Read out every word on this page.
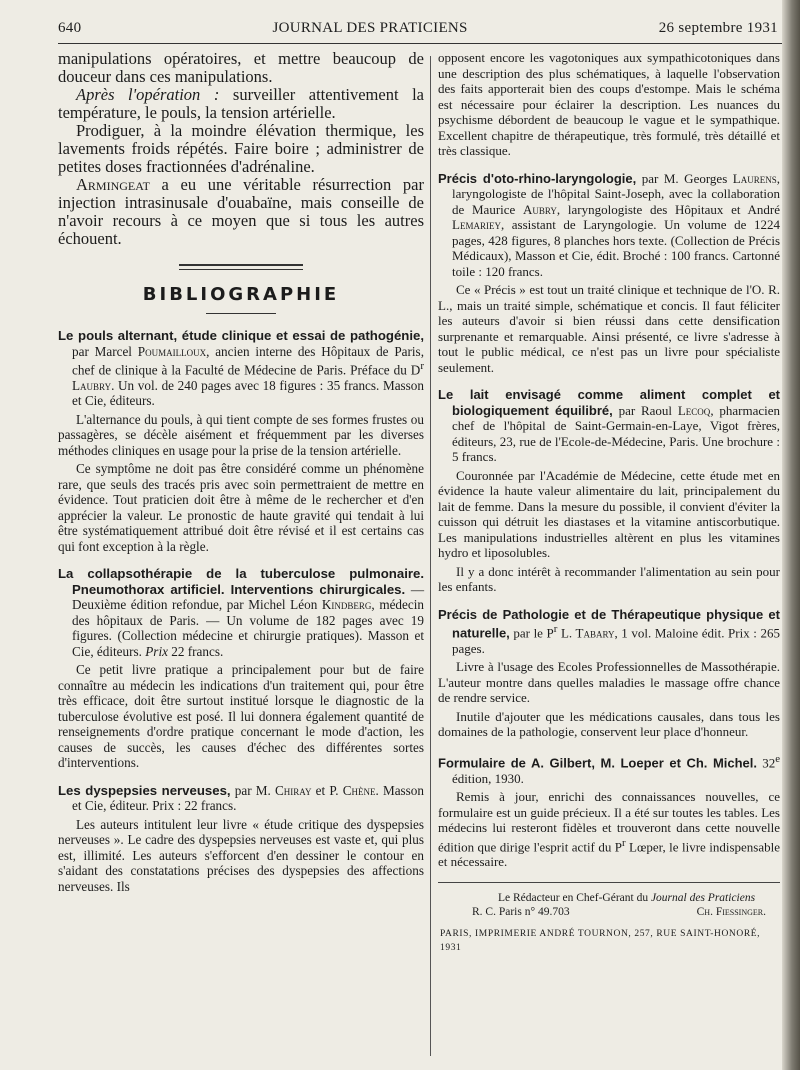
640	JOURNAL DES PRATICIENS	26 septembre 1931

manipulations opératoires, et mettre beaucoup de douceur dans ces manipulations.

Après l'opération : surveiller attentivement la température, le pouls, la tension artérielle.

Prodiguer, à la moindre élévation thermique, les lavements froids répétés. Faire boire ; administrer de petites doses fractionnées d'adrénaline.

Armingeat a eu une véritable résurrection par injection intrasinusale d'ouabaïne, mais conseille de n'avoir recours à ce moyen que si tous les autres échouent.

BIBLIOGRAPHIE

Le pouls alternant, étude clinique et essai de pathogénie, par Marcel Poumailloux, ancien interne des Hôpitaux de Paris, chef de clinique à la Faculté de Médecine de Paris. Préface du $D^r$ Laubry. Un vol. de 240 pages avec 18 figures : 35 francs. Masson et Cie, éditeurs.

L'alternance du pouls, à qui tient compte de ses formes frustes ou passagères, se décèle aisément et fréquemment par les diverses méthodes cliniques en usage pour la prise de la tension artérielle.

Ce symptôme ne doit pas être considéré comme un phénomène rare, que seuls des tracés pris avec soin permettraient de mettre en évidence. Tout praticien doit être à même de le rechercher et d'en apprécier la valeur. Le pronostic de haute gravité qui tendait à lui être systématiquement attribué doit être révisé et il est certains cas qui font exception à la règle.

La collapsothérapie de la tuberculose pulmonaire. Pneumothorax artificiel. Interventions chirurgicales. — Deuxième édition refondue, par Michel Léon Kindberg, médecin des hôpitaux de Paris. — Un volume de 182 pages avec 19 figures. (Collection médecine et chirurgie pratiques). Masson et Cie, éditeurs. Prix 22 francs.

Ce petit livre pratique a principalement pour but de faire connaître au médecin les indications d'un traitement qui, pour être très efficace, doit être surtout institué lorsque le diagnostic de la tuberculose évolutive est posé. Il lui donnera également quantité de renseignements d'ordre pratique concernant le mode d'action, les causes de succès, les causes d'échec des différentes sortes d'interventions.

Les dyspepsies nerveuses, par M. Chiray et P. Chène. Masson et Cie, éditeur. Prix : 22 francs.

Les auteurs intitulent leur livre « étude critique des dyspepsies nerveuses ». Le cadre des dyspepsies nerveuses est vaste et, qui plus est, illimité. Les auteurs s'efforcent d'en dessiner le contour en s'aidant des constatations précises des dyspepsies des affections nerveuses. Ils

opposent encore les vagotoniques aux sympathicotoniques dans une description des plus schématiques, à laquelle l'observation des faits apporterait bien des coups d'estompe. Mais le schéma est nécessaire pour éclairer la description. Les nuances du psychisme débordent de beaucoup le vague et le sympathique. Excellent chapitre de thérapeutique, très formulé, très détaillé et très classique.

Précis d'oto-rhino-laryngologie, par M. Georges Laurens, laryngologiste de l'hôpital Saint-Joseph, avec la collaboration de Maurice Aubry, laryngologiste des Hôpitaux et André Lemariey, assistant de Laryngologie. Un volume de 1224 pages, 428 figures, 8 planches hors texte. (Collection de Précis Médicaux), Masson et Cie, édit. Broché : 100 francs. Cartonné toile : 120 francs.

Ce « Précis » est tout un traité clinique et technique de l'O. R. L., mais un traité simple, schématique et concis. Il faut féliciter les auteurs d'avoir si bien réussi dans cette densification surprenante et remarquable. Ainsi présenté, ce livre s'adresse à tout le public médical, ce n'est pas un livre pour spécialiste seulement.

Le lait envisagé comme aliment complet et biologiquement équilibré, par Raoul Lecoq, pharmacien chef de l'hôpital de Saint-Germain-en-Laye, Vigot frères, éditeurs, 23, rue de l'Ecole-de-Médecine, Paris. Une brochure : 5 francs.

Couronnée par l'Académie de Médecine, cette étude met en évidence la haute valeur alimentaire du lait, principalement du lait de femme. Dans la mesure du possible, il convient d'éviter la cuisson qui détruit les diastases et la vitamine antiscorbutique. Les manipulations industrielles altèrent en plus les vitamines hydro et liposolubles.

Il y a donc intérêt à recommander l'alimentation au sein pour les enfants.

Précis de Pathologie et de Thérapeutique physique et naturelle, par le $P^r$ L. Tabary, 1 vol. Maloine édit. Prix : 265 pages.

Livre à l'usage des Ecoles Professionnelles de Massothérapie. L'auteur montre dans quelles maladies le massage offre chance de rendre service.

Inutile d'ajouter que les médications causales, dans tous les domaines de la pathologie, conservent leur place d'honneur.

Formulaire de A. Gilbert, M. Loeper et Ch. Michel. 32e édition, 1930.

Remis à jour, enrichi des connaissances nouvelles, ce formulaire est un guide précieux. Il a été sur toutes les tables. Les médecins lui resteront fidèles et trouveront dans cette nouvelle édition que dirige l'esprit actif du $P^r$ Lœper, le livre indispensable et nécessaire.

Le Rédacteur en Chef-Gérant du Journal des Praticiens
R. C. Paris n° 49.703	Ch. Fiessinger.
PARIS, IMPRIMERIE ANDRÉ TOURNON, 257, RUE SAINT-HONORÉ, 1931
